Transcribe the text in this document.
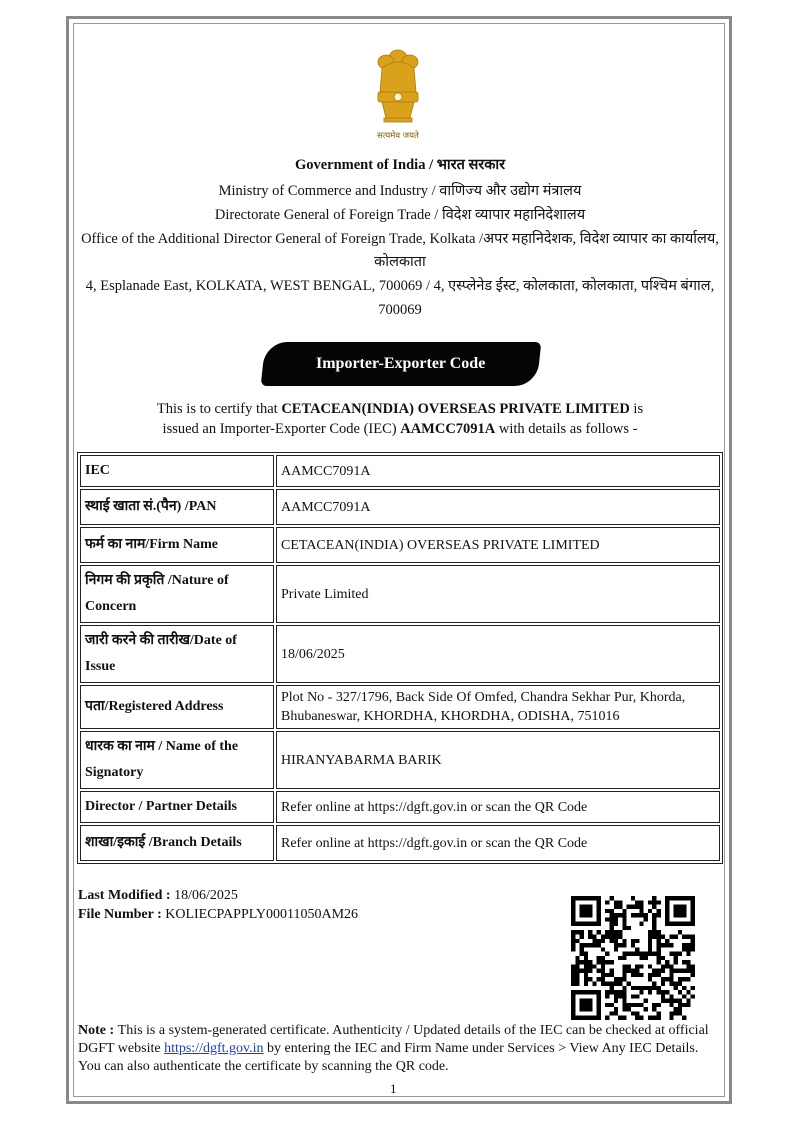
सत्यमेव जयते
Government of India / भारत सरकार
Ministry of Commerce and Industry / वाणिज्य और उद्योग मंत्रालय
Directorate General of Foreign Trade / विदेश व्यापार महानिदेशालय
Office of the Additional Director General of Foreign Trade, Kolkata /अपर महानिदेशक, विदेश व्यापार का कार्यालय,
कोलकाता
4, Esplanade East, KOLKATA, WEST BENGAL, 700069 / 4, एस्प्लेनेड ईस्ट, कोलकाता, कोलकाता, पश्चिम बंगाल,
700069
Importer-Exporter Code
This is to certify that CETACEAN(INDIA) OVERSEAS PRIVATE LIMITED is
issued an Importer-Exporter Code (IEC) AAMCC7091A with details as follows -
IEC	AAMCC7091A
स्थाई खाता सं.(पैन) /PAN	AAMCC7091A
फर्म का नाम/Firm Name	CETACEAN(INDIA) OVERSEAS PRIVATE LIMITED
निगम की प्रकृति /Nature of Concern	Private Limited
जारी करने की तारीख/Date of Issue	18/06/2025
पता/Registered Address	Plot No - 327/1796, Back Side Of Omfed, Chandra Sekhar Pur, Khorda, Bhubaneswar, KHORDHA, KHORDHA, ODISHA, 751016
धारक का नाम / Name of the Signatory	HIRANYABARMA BARIK
Director / Partner Details	Refer online at https://dgft.gov.in or scan the QR Code
शाखा/इकाई /Branch Details	Refer online at https://dgft.gov.in or scan the QR Code
Last Modified : 18/06/2025
File Number : KOLIECPAPPLY00011050AM26
Note : This is a system-generated certificate. Authenticity / Updated details of the IEC can be checked at official DGFT website https://dgft.gov.in by entering the IEC and Firm Name under Services > View Any IEC Details. You can also authenticate the certificate by scanning the QR code.
1
